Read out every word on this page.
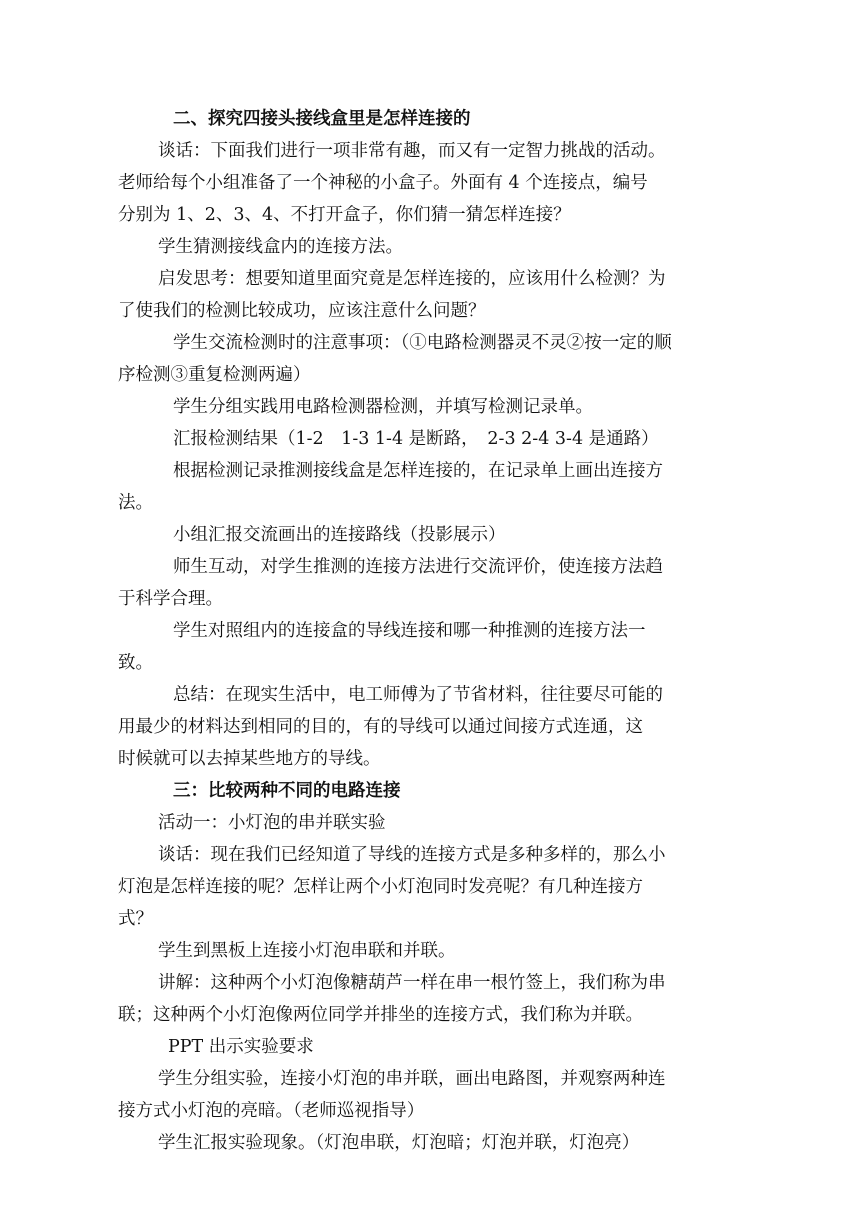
二、探究四接头接线盒里是怎样连接的
谈话：下面我们进行一项非常有趣，而又有一定智力挑战的活动。
老师给每个小组准备了一个神秘的小盒子。外面有 4 个连接点，编号
分别为 1、2、3、4、不打开盒子，你们猜一猜怎样连接？
学生猜测接线盒内的连接方法。
启发思考：想要知道里面究竟是怎样连接的，应该用什么检测？为
了使我们的检测比较成功，应该注意什么问题？
学生交流检测时的注意事项：（①电路检测器灵不灵②按一定的顺
序检测③重复检测两遍）
学生分组实践用电路检测器检测，并填写检测记录单。
汇报检测结果（1-2　1-3 1-4 是断路，　2-3 2-4 3-4 是通路）
根据检测记录推测接线盒是怎样连接的，在记录单上画出连接方
法。
小组汇报交流画出的连接路线（投影展示）
师生互动，对学生推测的连接方法进行交流评价，使连接方法趋
于科学合理。
学生对照组内的连接盒的导线连接和哪一种推测的连接方法一
致。
总结：在现实生活中，电工师傅为了节省材料，往往要尽可能的
用最少的材料达到相同的目的，有的导线可以通过间接方式连通，这
时候就可以去掉某些地方的导线。
三：比较两种不同的电路连接
活动一：小灯泡的串并联实验
谈话：现在我们已经知道了导线的连接方式是多种多样的，那么小
灯泡是怎样连接的呢？怎样让两个小灯泡同时发亮呢？有几种连接方
式？
学生到黑板上连接小灯泡串联和并联。
讲解：这种两个小灯泡像糖葫芦一样在串一根竹签上，我们称为串
联；这种两个小灯泡像两位同学并排坐的连接方式，我们称为并联。
PPT 出示实验要求
学生分组实验，连接小灯泡的串并联，画出电路图，并观察两种连
接方式小灯泡的亮暗。（老师巡视指导）
学生汇报实验现象。（灯泡串联，灯泡暗；灯泡并联，灯泡亮）
